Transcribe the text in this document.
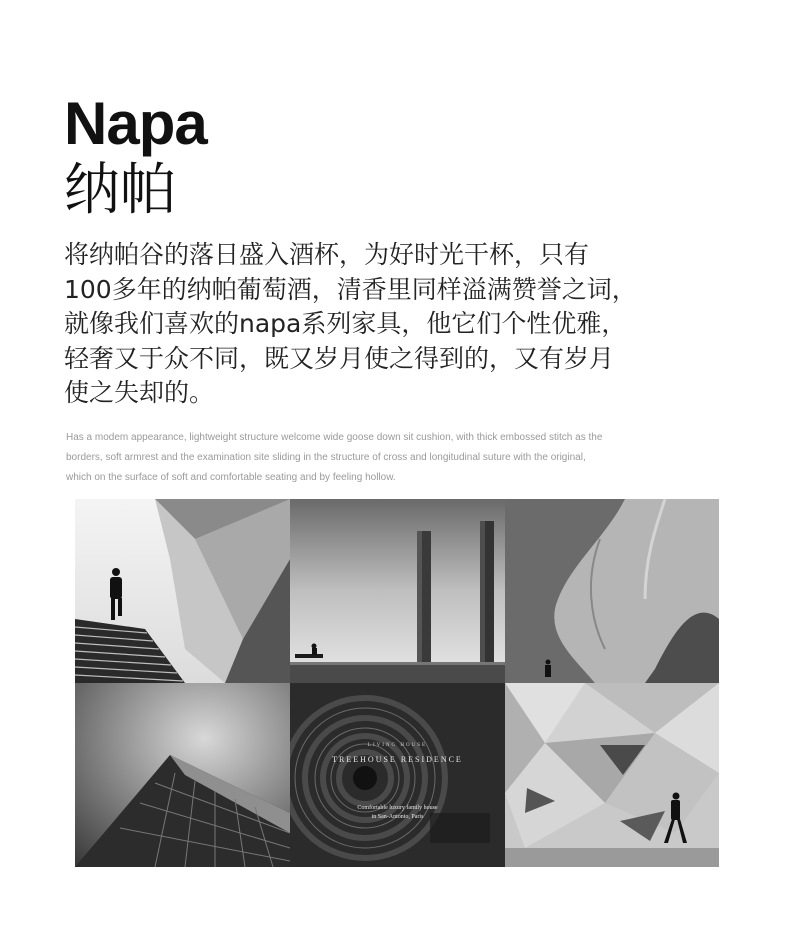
Napa
纳帕
将纳帕谷的落日盛入酒杯，为好时光干杯，只有
100多年的纳帕葡萄酒，清香里同样溢满赞誉之词，
就像我们喜欢的napa系列家具，他它们个性优雅，
轻奢又于众不同，既又岁月使之得到的，又有岁月
使之失却的。
Has a modem appearance, lightweight structure welcome wide goose down sit cushion, with thick embossed stitch as the
borders, soft armrest and the examination site sliding in the structure of cross and longitudinal suture with the original,
which on the surface of soft and comfortable seating and by feeling hollow.
LIVING HOUSE
TREEHOUSE RESIDENCE
Comfortable luxury family house
in San-Antonio, Paris
